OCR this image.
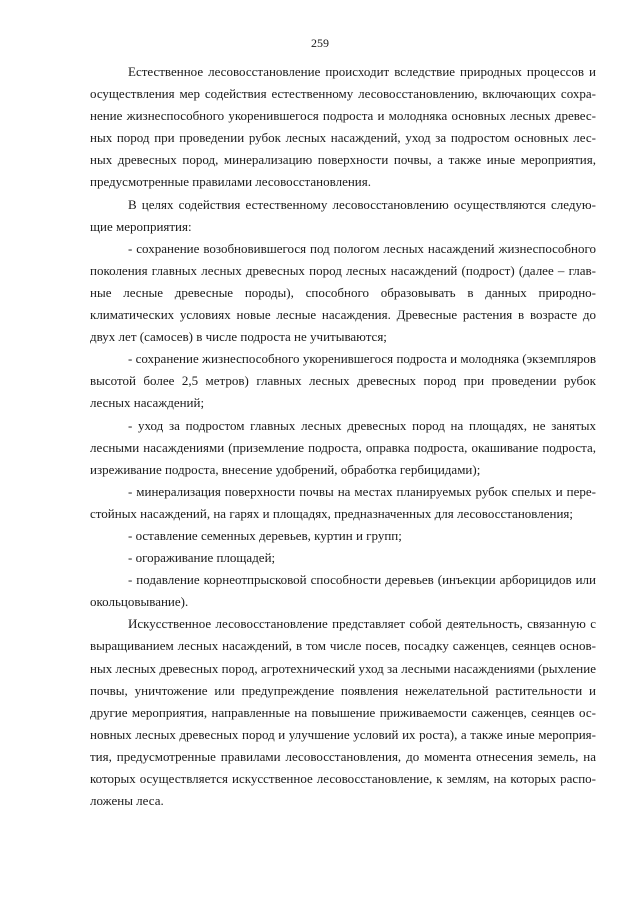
259

Естественное лесовосстановление происходит вследствие природных процессов и осуществления мер содействия естественному лесовосстановлению, включающих сохранение жизнеспособного укоренившегося подроста и молодняка основных лесных древесных пород при проведении рубок лесных насаждений, уход за подростом основных лесных древесных пород, минерализацию поверхности почвы, а также иные мероприятия, предусмотренные правилами лесовосстановления.

В целях содействия естественному лесовосстановлению осуществляются следующие мероприятия:

- сохранение возобновившегося под пологом лесных насаждений жизнеспособного поколения главных лесных древесных пород лесных насаждений (подрост) (далее – главные лесные древесные породы), способного образовывать в данных природно-климатических условиях новые лесные насаждения. Древесные растения в возрасте до двух лет (самосев) в числе подроста не учитываются;

- сохранение жизнеспособного укоренившегося подроста и молодняка (экземпляров высотой более 2,5 метров) главных лесных древесных пород при проведении рубок лесных насаждений;

- уход за подростом главных лесных древесных пород на площадях, не занятых лесными насаждениями (приземление подроста, оправка подроста, окашивание подроста, изреживание подроста, внесение удобрений, обработка гербицидами);

- минерализация поверхности почвы на местах планируемых рубок спелых и перестойных насаждений, на гарях и площадях, предназначенных для лесовосстановления;

- оставление семенных деревьев, куртин и групп;

- огораживание площадей;

- подавление корнеотпрысковой способности деревьев (инъекции арборицидов или окольцовывание).

Искусственное лесовосстановление представляет собой деятельность, связанную с выращиванием лесных насаждений, в том числе посев, посадку саженцев, сеянцев основных лесных древесных пород, агротехнический уход за лесными насаждениями (рыхление почвы, уничтожение или предупреждение появления нежелательной растительности и другие мероприятия, направленные на повышение приживаемости саженцев, сеянцев основных лесных древесных пород и улучшение условий их роста), а также иные мероприятия, предусмотренные правилами лесовосстановления, до момента отнесения земель, на которых осуществляется искусственное лесовосстановление, к землям, на которых расположены леса.
